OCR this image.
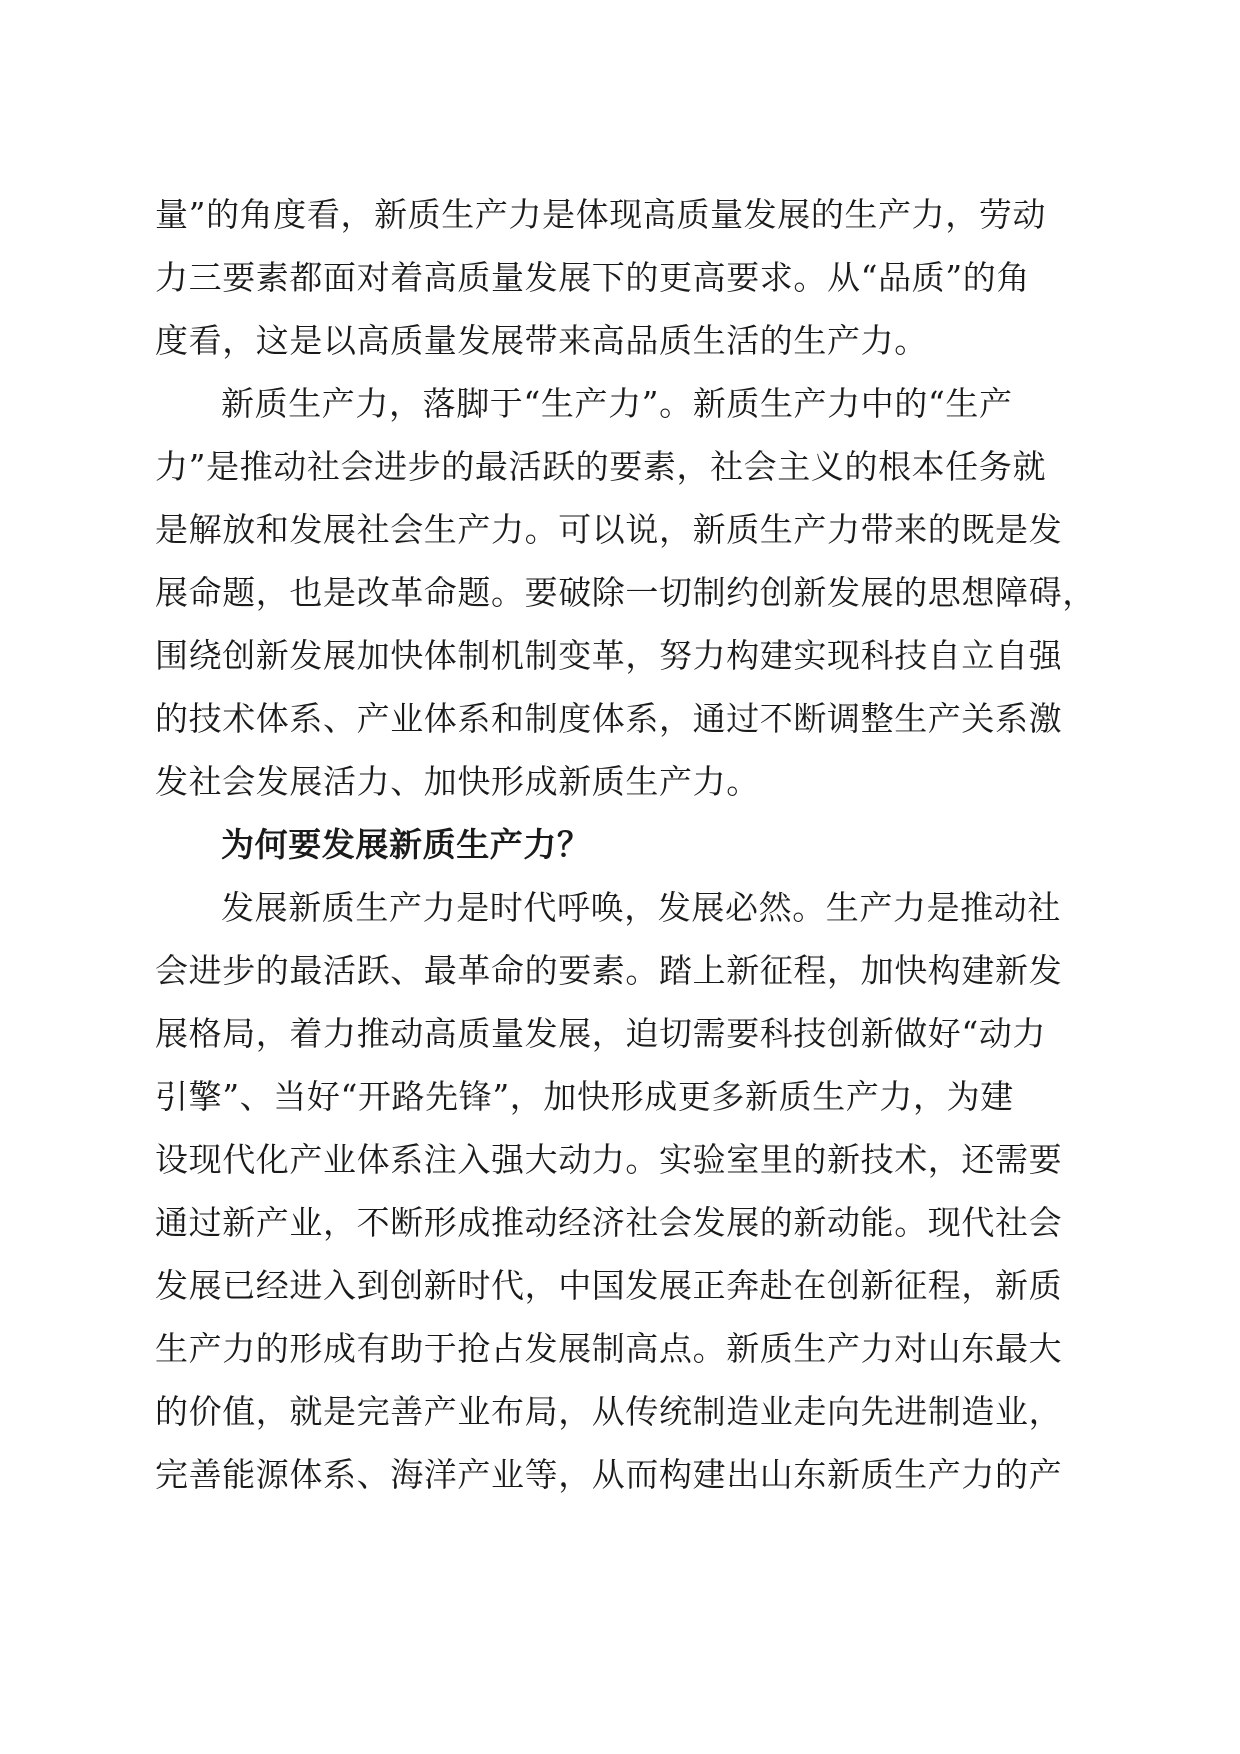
量”的角度看，新质生产力是体现高质量发展的生产力，劳动
力三要素都面对着高质量发展下的更高要求。从“品质”的角
度看，这是以高质量发展带来高品质生活的生产力。
新质生产力，落脚于“生产力”。新质生产力中的“生产
力”是推动社会进步的最活跃的要素，社会主义的根本任务就
是解放和发展社会生产力。可以说，新质生产力带来的既是发
展命题，也是改革命题。要破除一切制约创新发展的思想障碍，
围绕创新发展加快体制机制变革，努力构建实现科技自立自强
的技术体系、产业体系和制度体系，通过不断调整生产关系激
发社会发展活力、加快形成新质生产力。
为何要发展新质生产力？
发展新质生产力是时代呼唤，发展必然。生产力是推动社
会进步的最活跃、最革命的要素。踏上新征程，加快构建新发
展格局，着力推动高质量发展，迫切需要科技创新做好“动力
引擎”、当好“开路先锋”，加快形成更多新质生产力，为建
设现代化产业体系注入强大动力。实验室里的新技术，还需要
通过新产业，不断形成推动经济社会发展的新动能。现代社会
发展已经进入到创新时代，中国发展正奔赴在创新征程，新质
生产力的形成有助于抢占发展制高点。新质生产力对山东最大
的价值，就是完善产业布局，从传统制造业走向先进制造业，
完善能源体系、海洋产业等，从而构建出山东新质生产力的产
